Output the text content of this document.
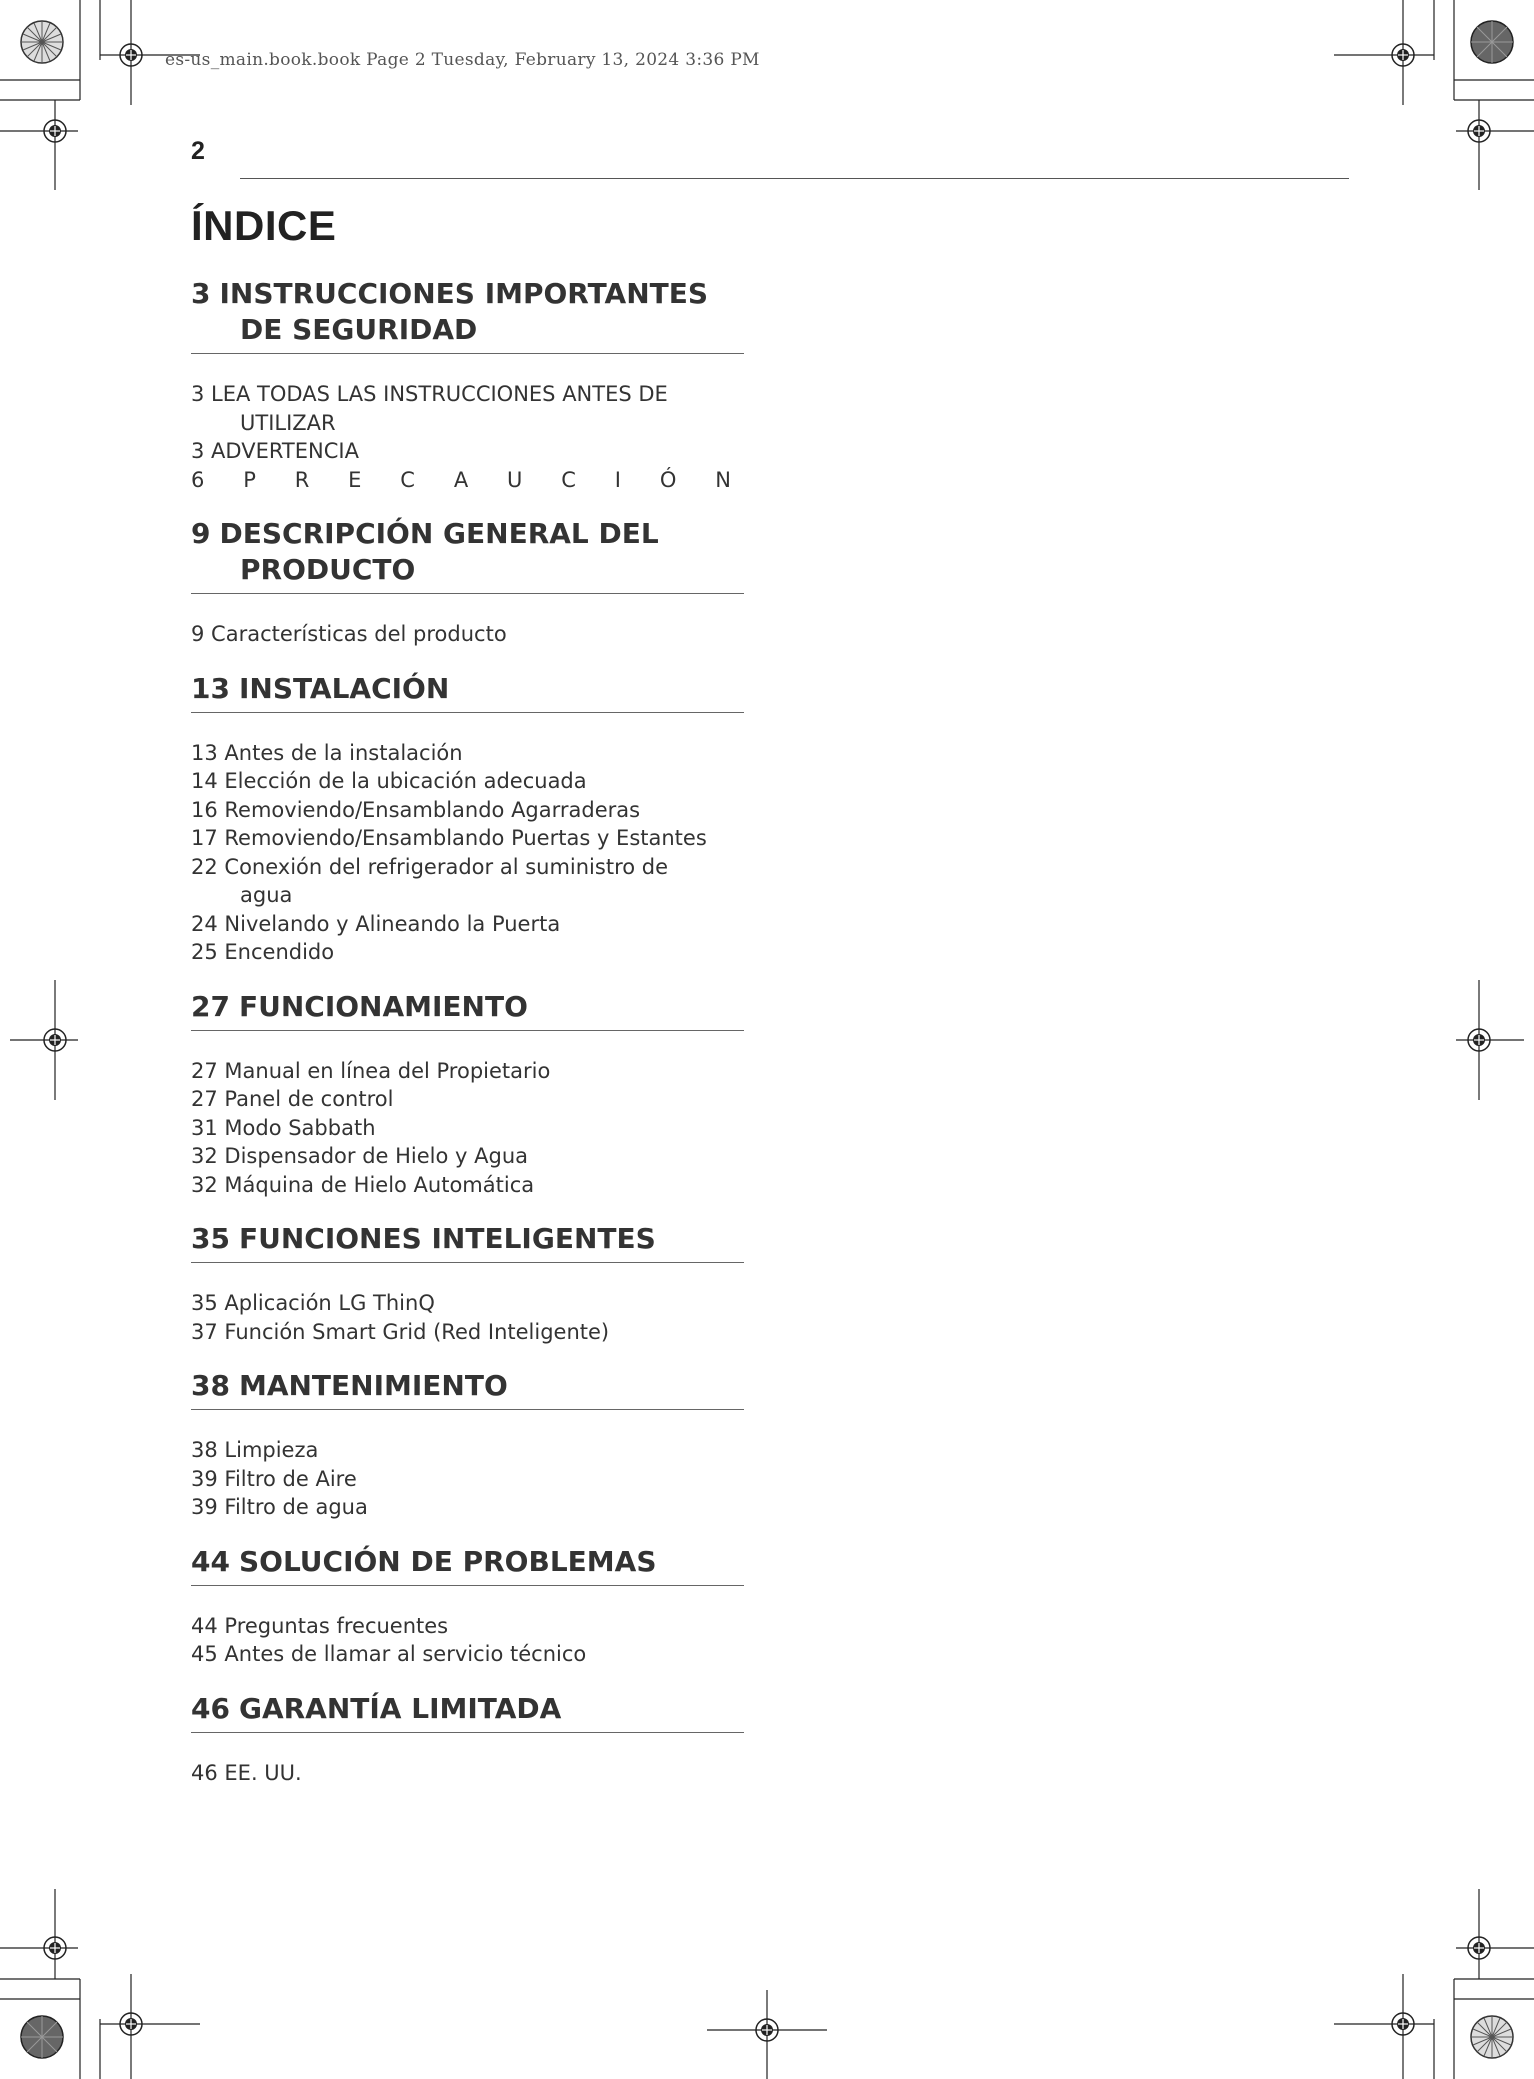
es-us_main.book.book Page 2 Tuesday, February 13, 2024 3:36 PM
2
ÍNDICE
3 INSTRUCCIONES IMPORTANTES
DE SEGURIDAD
3 LEA TODAS LAS INSTRUCCIONES ANTES DE
UTILIZAR
3 ADVERTENCIA
6 P R E C A U C I Ó N
9 DESCRIPCIÓN GENERAL DEL
PRODUCTO
9 Características del producto
13 INSTALACIÓN
13 Antes de la instalación
14 Elección de la ubicación adecuada
16 Removiendo/Ensamblando Agarraderas
17 Removiendo/Ensamblando Puertas y Estantes
22 Conexión del refrigerador al suministro de
agua
24 Nivelando y Alineando la Puerta
25 Encendido
27 FUNCIONAMIENTO
27 Manual en línea del Propietario
27 Panel de control
31 Modo Sabbath
32 Dispensador de Hielo y Agua
32 Máquina de Hielo Automática
35 FUNCIONES INTELIGENTES
35 Aplicación LG ThinQ
37 Función Smart Grid (Red Inteligente)
38 MANTENIMIENTO
38 Limpieza
39 Filtro de Aire
39 Filtro de agua
44 SOLUCIÓN DE PROBLEMAS
44 Preguntas frecuentes
45 Antes de llamar al servicio técnico
46 GARANTÍA LIMITADA
46 EE. UU.
